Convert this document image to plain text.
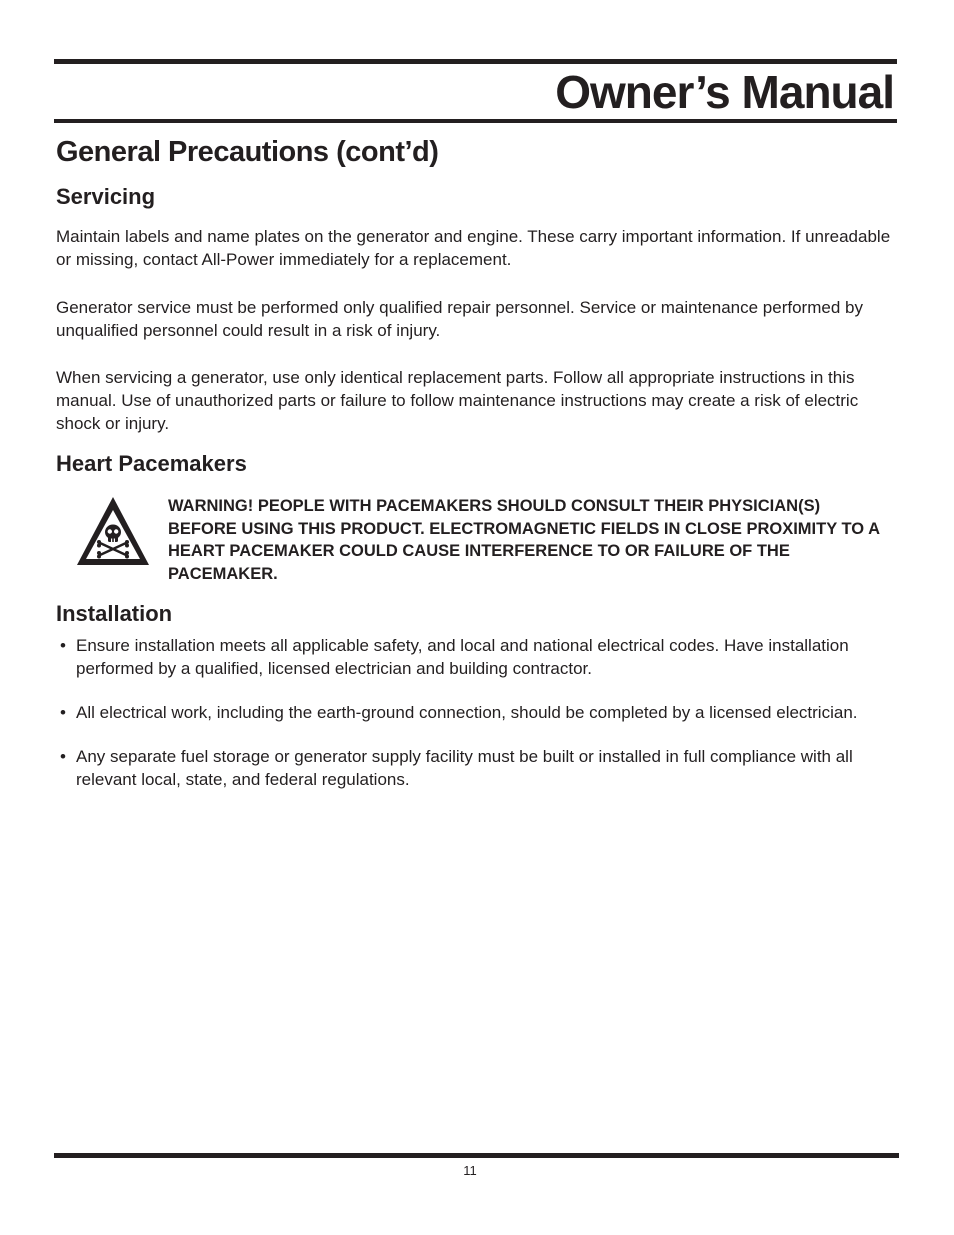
Owner’s Manual
General Precautions (cont’d)
Servicing

Maintain labels and name plates on the generator and engine. These carry important information. If unreadable or missing, contact All-Power immediately for a replacement.

Generator service must be performed only qualified repair personnel. Service or maintenance performed by unqualified personnel could result in a risk of injury.

When servicing a generator, use only identical replacement parts. Follow all appropriate instructions in this manual. Use of unauthorized parts or failure to follow maintenance instructions may create a risk of electric shock or injury.

Heart Pacemakers

WARNING! PEOPLE WITH PACEMAKERS SHOULD CONSULT THEIR PHYSICIAN(S) BEFORE USING THIS PRODUCT. ELECTROMAGNETIC FIELDS IN CLOSE PROXIMITY TO A HEART PACEMAKER COULD CAUSE INTERFERENCE TO OR FAILURE OF THE PACEMAKER.

Installation
• Ensure installation meets all applicable safety, and local and national electrical codes. Have installation performed by a qualified, licensed electrician and building contractor.
• All electrical work, including the earth-ground connection, should be completed by a licensed electrician.
• Any separate fuel storage or generator supply facility must be built or installed in full compliance with all relevant local, state, and federal regulations.
11
